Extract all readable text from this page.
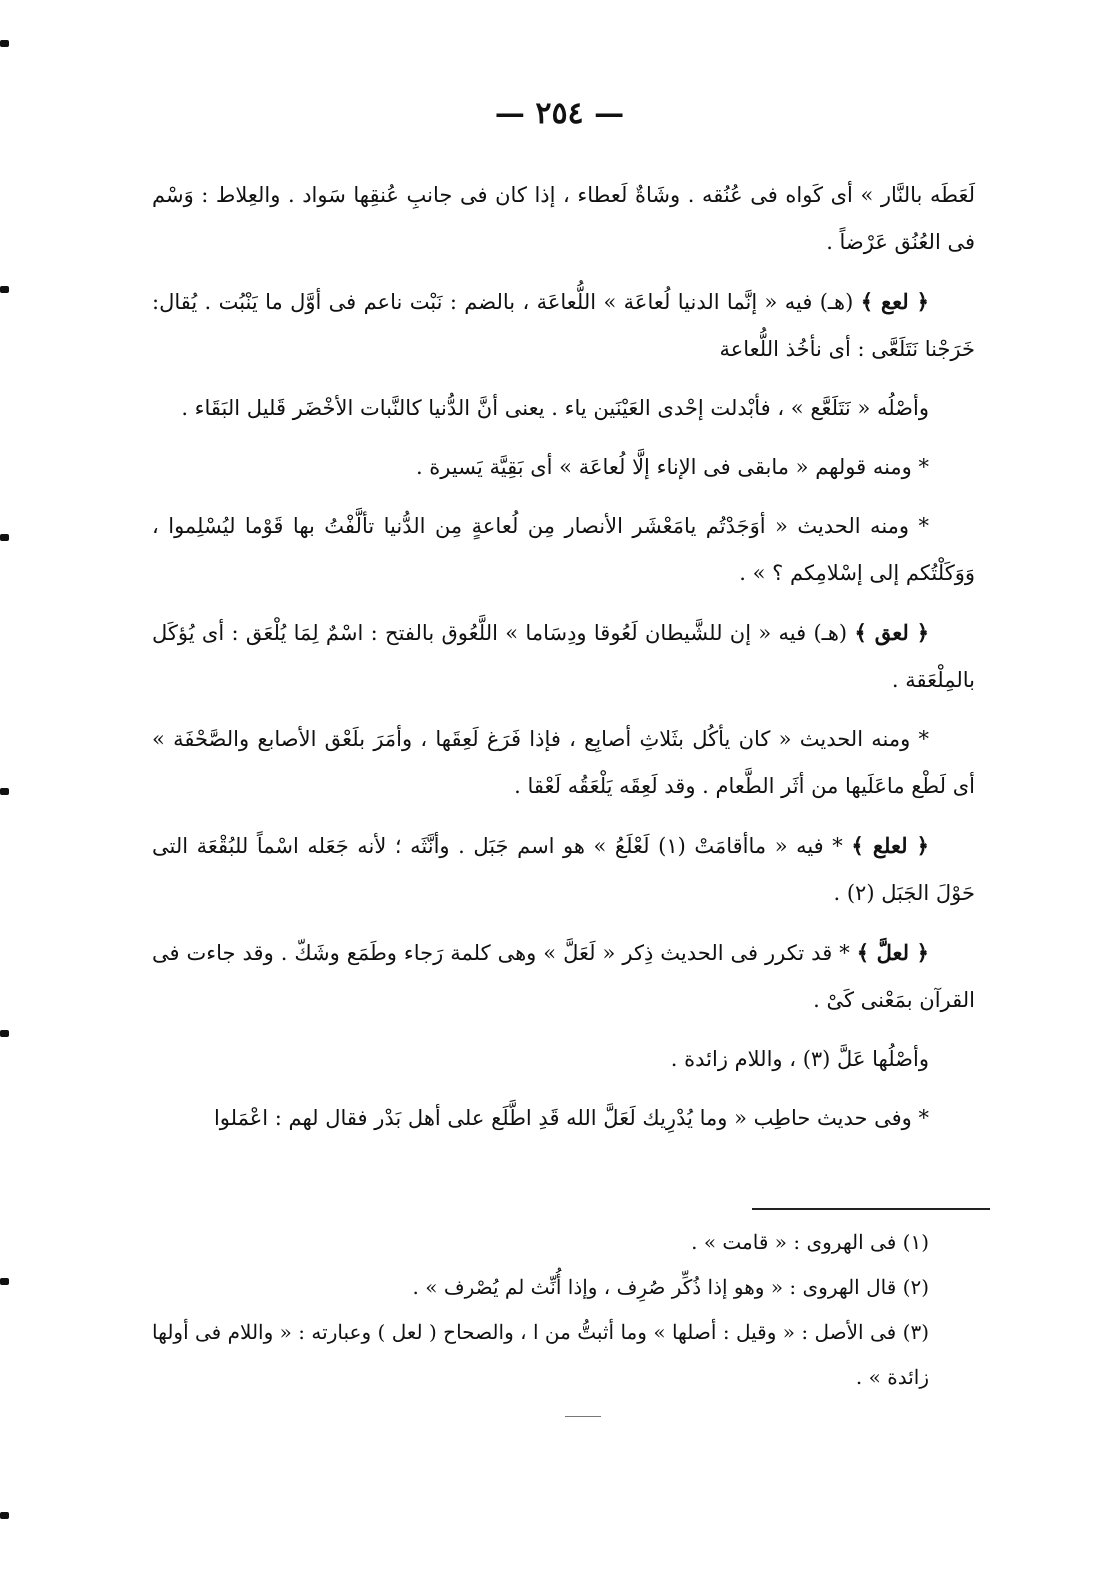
— ٢٥٤ —

لَعَطَه بالنَّار » أى كَواه فى عُنُقه . وشَاةٌ لَعطاء ، إذا كان فى جانبِ عُنقِها سَواد . والعِلاط : وَسْم فى العُنُق عَرْضاً .

﴿ لعع ﴾ (هـ) فيه « إنَّما الدنيا لُعاعَة » اللُّعاعَة ، بالضم : نَبْت ناعم فى أوَّل ما يَنْبُت . يُقال: خَرَجْنا نَتَلَعَّى : أى نأخُذ اللُّعاعة

وأصْلُه « نَتَلَعَّع » ، فأبْدلت إحْدى العَيْنَين ياء . يعنى أنَّ الدُّنيا كالنَّبات الأخْضَر قَليل البَقَاء .

* ومنه قولهم « مابقى فى الإناء إلَّا لُعاعَة » أى بَقِيَّة يَسيرة .

* ومنه الحديث « أوَجَدْتُم يامَعْشَر الأنصار مِن لُعاعةٍ مِن الدُّنيا تألَّفْتُ بها قَوْما ليُسْلِموا ، وَوَكَلْتُكم إلى إسْلامِكم ؟ » .

﴿ لعق ﴾ (هـ) فيه « إن للشَّيطان لَعُوقا ودِسَاما » اللَّعُوق بالفتح : اسْمٌ لِمَا يُلْعَق : أى يُؤكَل بالمِلْعَقة .

* ومنه الحديث « كان يأكُل بثَلاثِ أصابِع ، فإذا فَرَغ لَعِقَها ، وأمَرَ بلَعْق الأصابع والصَّحْفَة » أى لَطْع ماعَلَيها من أثَر الطَّعام . وقد لَعِقَه يَلْعَقُه لَعْقا .

﴿ لعلع ﴾ * فيه « ماأقامَتْ (١) لَعْلَعُ » هو اسم جَبَل . وأنَّثَه ؛ لأنه جَعَله اسْماً للبُقْعَة التى حَوْلَ الجَبَل (٢) .

﴿ لعلَّ ﴾ * قد تكرر فى الحديث ذِكر « لَعَلَّ » وهى كلمة رَجاء وطَمَع وشَكّ . وقد جاءت فى القرآن بمَعْنى كَىْ .

وأصْلُها عَلَّ (٣) ، واللام زائدة .

* وفى حديث حاطِب « وما يُدْرِيك لَعَلَّ الله قَدِ اطَّلَع على أهل بَدْر فقال لهم : اعْمَلوا

(١) فى الهروى : « قامت » .

(٢) قال الهروى : « وهو إذا ذُكِّر صُرِف ، وإذا أُنِّث لم يُصْرف » .

(٣) فى الأصل : « وقيل : أصلها » وما أثبتُّ من ا ، والصحاح ( لعل ) وعبارته : « واللام فى أولها زائدة » .
